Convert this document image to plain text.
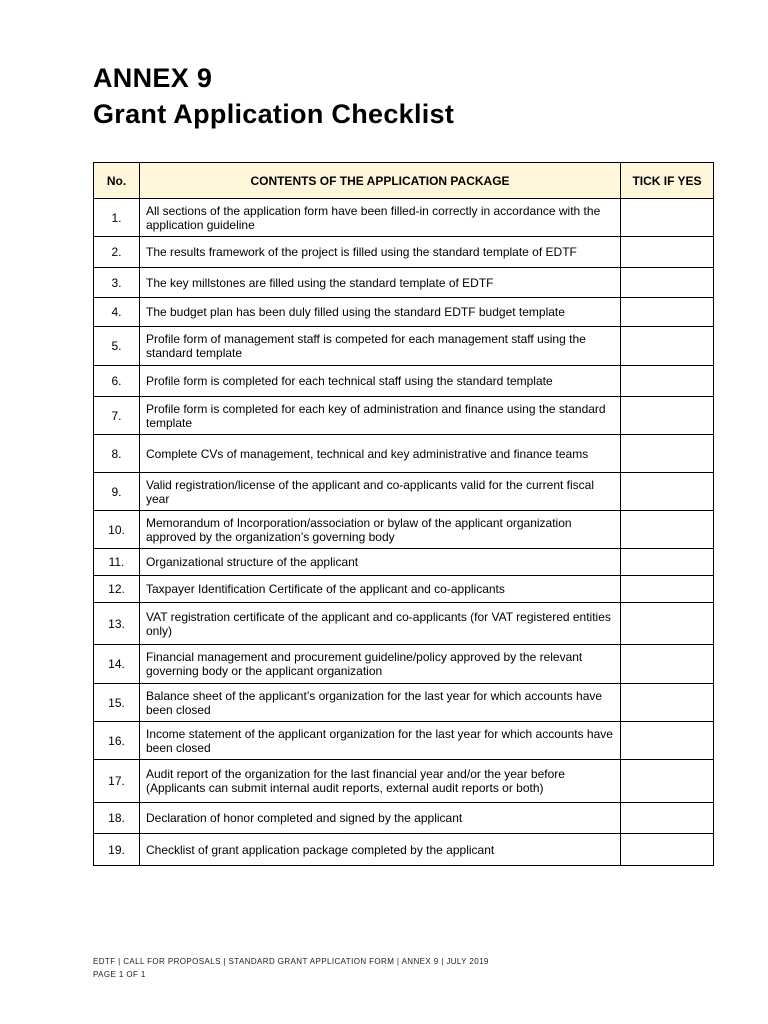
ANNEX 9
Grant Application Checklist
No.	CONTENTS OF THE APPLICATION PACKAGE	TICK IF YES
1.	All sections of the application form have been filled-in correctly in accordance with the application guideline	
2.	The results framework of the project is filled using the standard template of EDTF	
3.	The key millstones are filled using the standard template of EDTF	
4.	The budget plan has been duly filled using the standard EDTF budget template	
5.	Profile form of management staff is competed for each management staff using the standard template	
6.	Profile form is completed for each technical staff using the standard template	
7.	Profile form is completed for each key of administration and finance using the standard template	
8.	Complete CVs of management, technical and key administrative and finance teams	
9.	Valid registration/license of the applicant and co-applicants valid for the current fiscal year	
10.	Memorandum of Incorporation/association or bylaw of the applicant organization approved by the organization’s governing body	
11.	Organizational structure of the applicant	
12.	Taxpayer Identification Certificate of the applicant and co-applicants	
13.	VAT registration certificate of the applicant and co-applicants (for VAT registered entities only)	
14.	Financial management and procurement guideline/policy approved by the relevant governing body or the applicant organization	
15.	Balance sheet of the applicant’s organization for the last year for which accounts have been closed	
16.	Income statement of the applicant organization for the last year for which accounts have been closed	
17.	Audit report of the organization for the last financial year and/or the year before (Applicants can submit internal audit reports, external audit reports or both)	
18.	Declaration of honor completed and signed by the applicant	
19.	Checklist of grant application package completed by the applicant	
EDTF | CALL FOR PROPOSALS | STANDARD GRANT APPLICATION FORM | ANNEX 9 | JULY 2019
PAGE 1 OF 1
